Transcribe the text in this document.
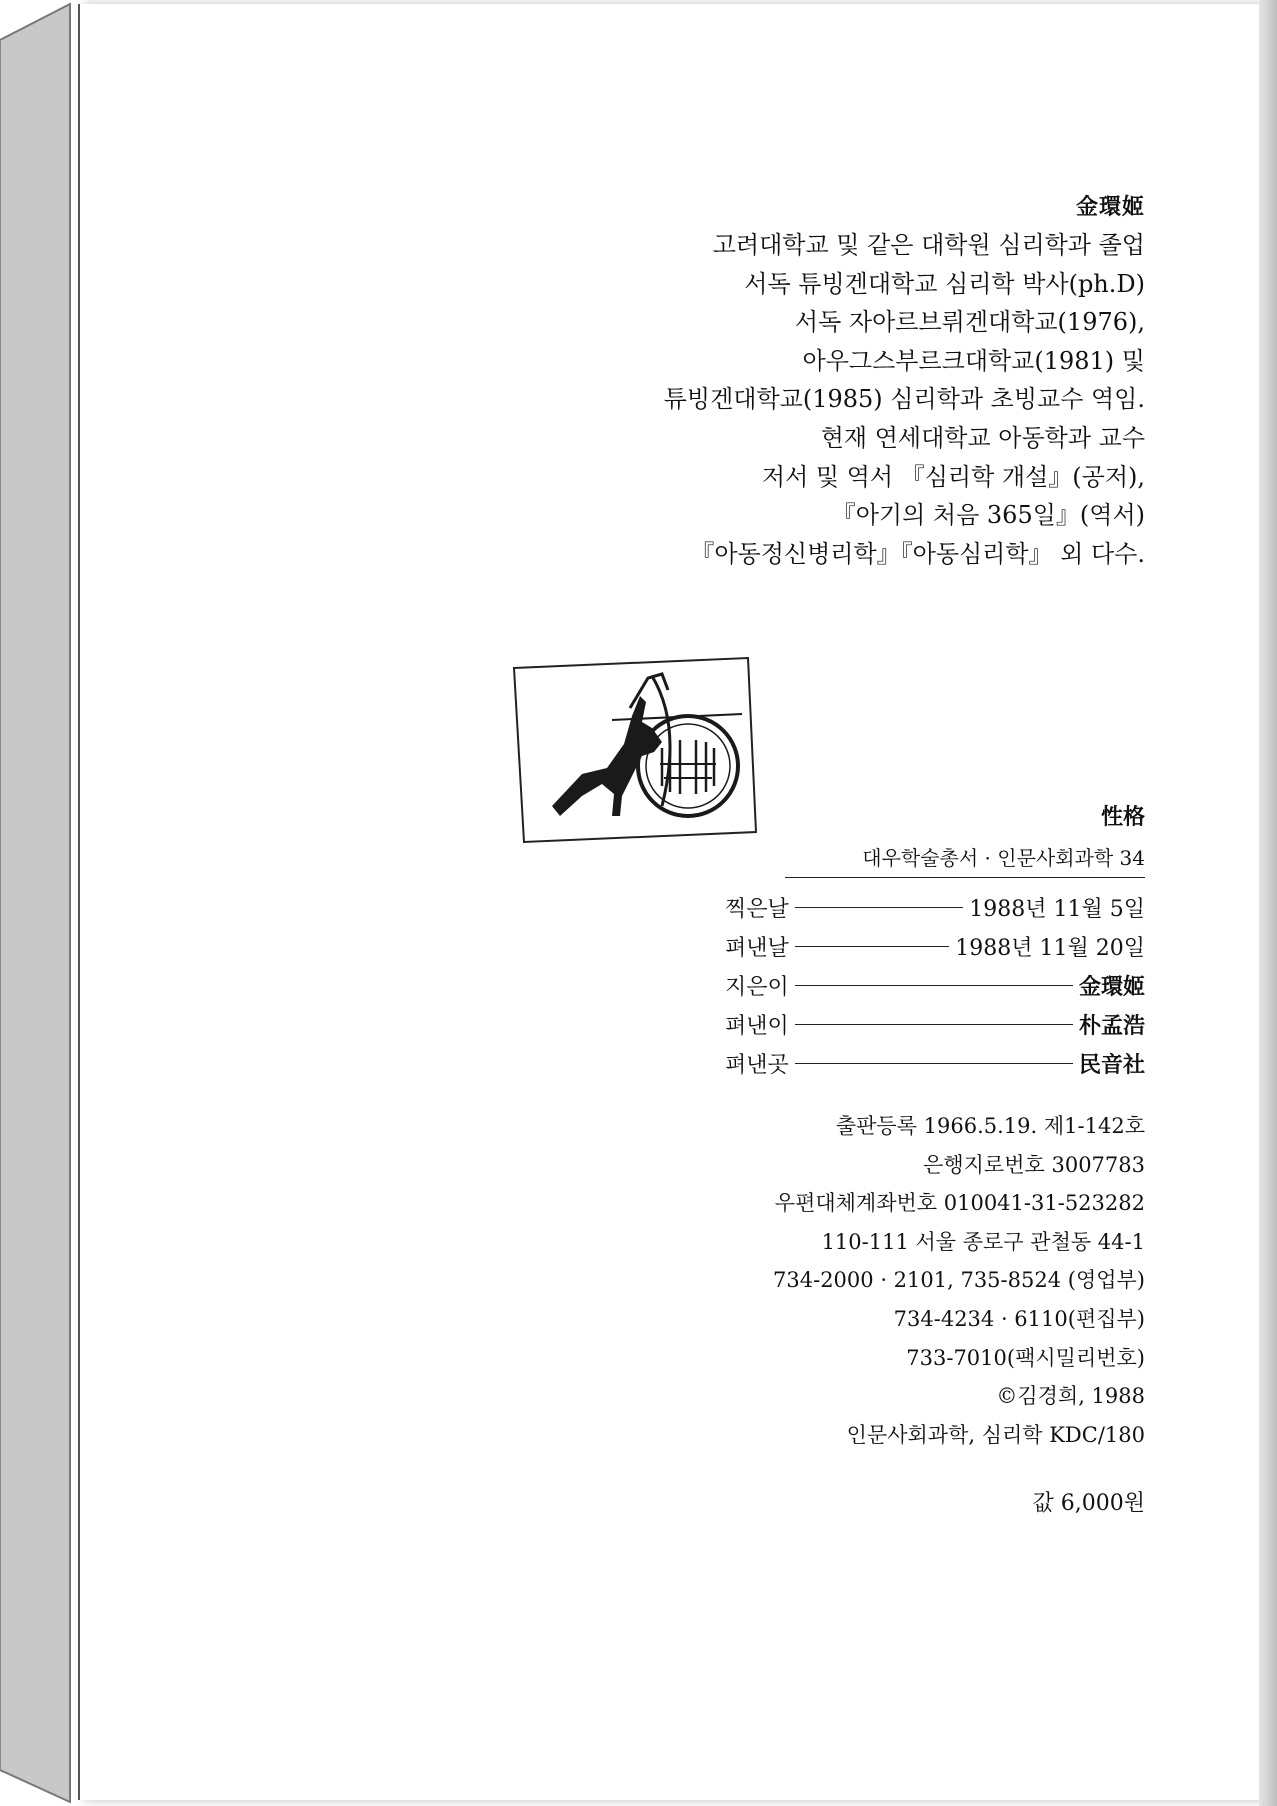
金環姬
고려대학교 및 같은 대학원 심리학과 졸업
서독 튜빙겐대학교 심리학 박사(ph.D)
서독 자아르브뤼겐대학교(1976),
아우그스부르크대학교(1981) 및
튜빙겐대학교(1985) 심리학과 초빙교수 역임.
현재 연세대학교 아동학과 교수
저서 및 역서 『심리학 개설』(공저),
『아기의 처음 365일』(역서)
『아동정신병리학』『아동심리학』 외 다수.
性格
대우학술총서 · 인문사회과학 34
찍은날	1988년 11월 5일
펴낸날	1988년 11월 20일
지은이	金環姬
펴낸이	朴孟浩
펴낸곳	民音社
출판등록 1966.5.19. 제1-142호
은행지로번호 3007783
우편대체계좌번호 010041-31-523282
110-111 서울 종로구 관철동 44-1
734-2000 · 2101, 735-8524 (영업부)
734-4234 · 6110(편집부)
733-7010(팩시밀리번호)
©김경희, 1988
인문사회과학, 심리학 KDC/180
값 6,000원
